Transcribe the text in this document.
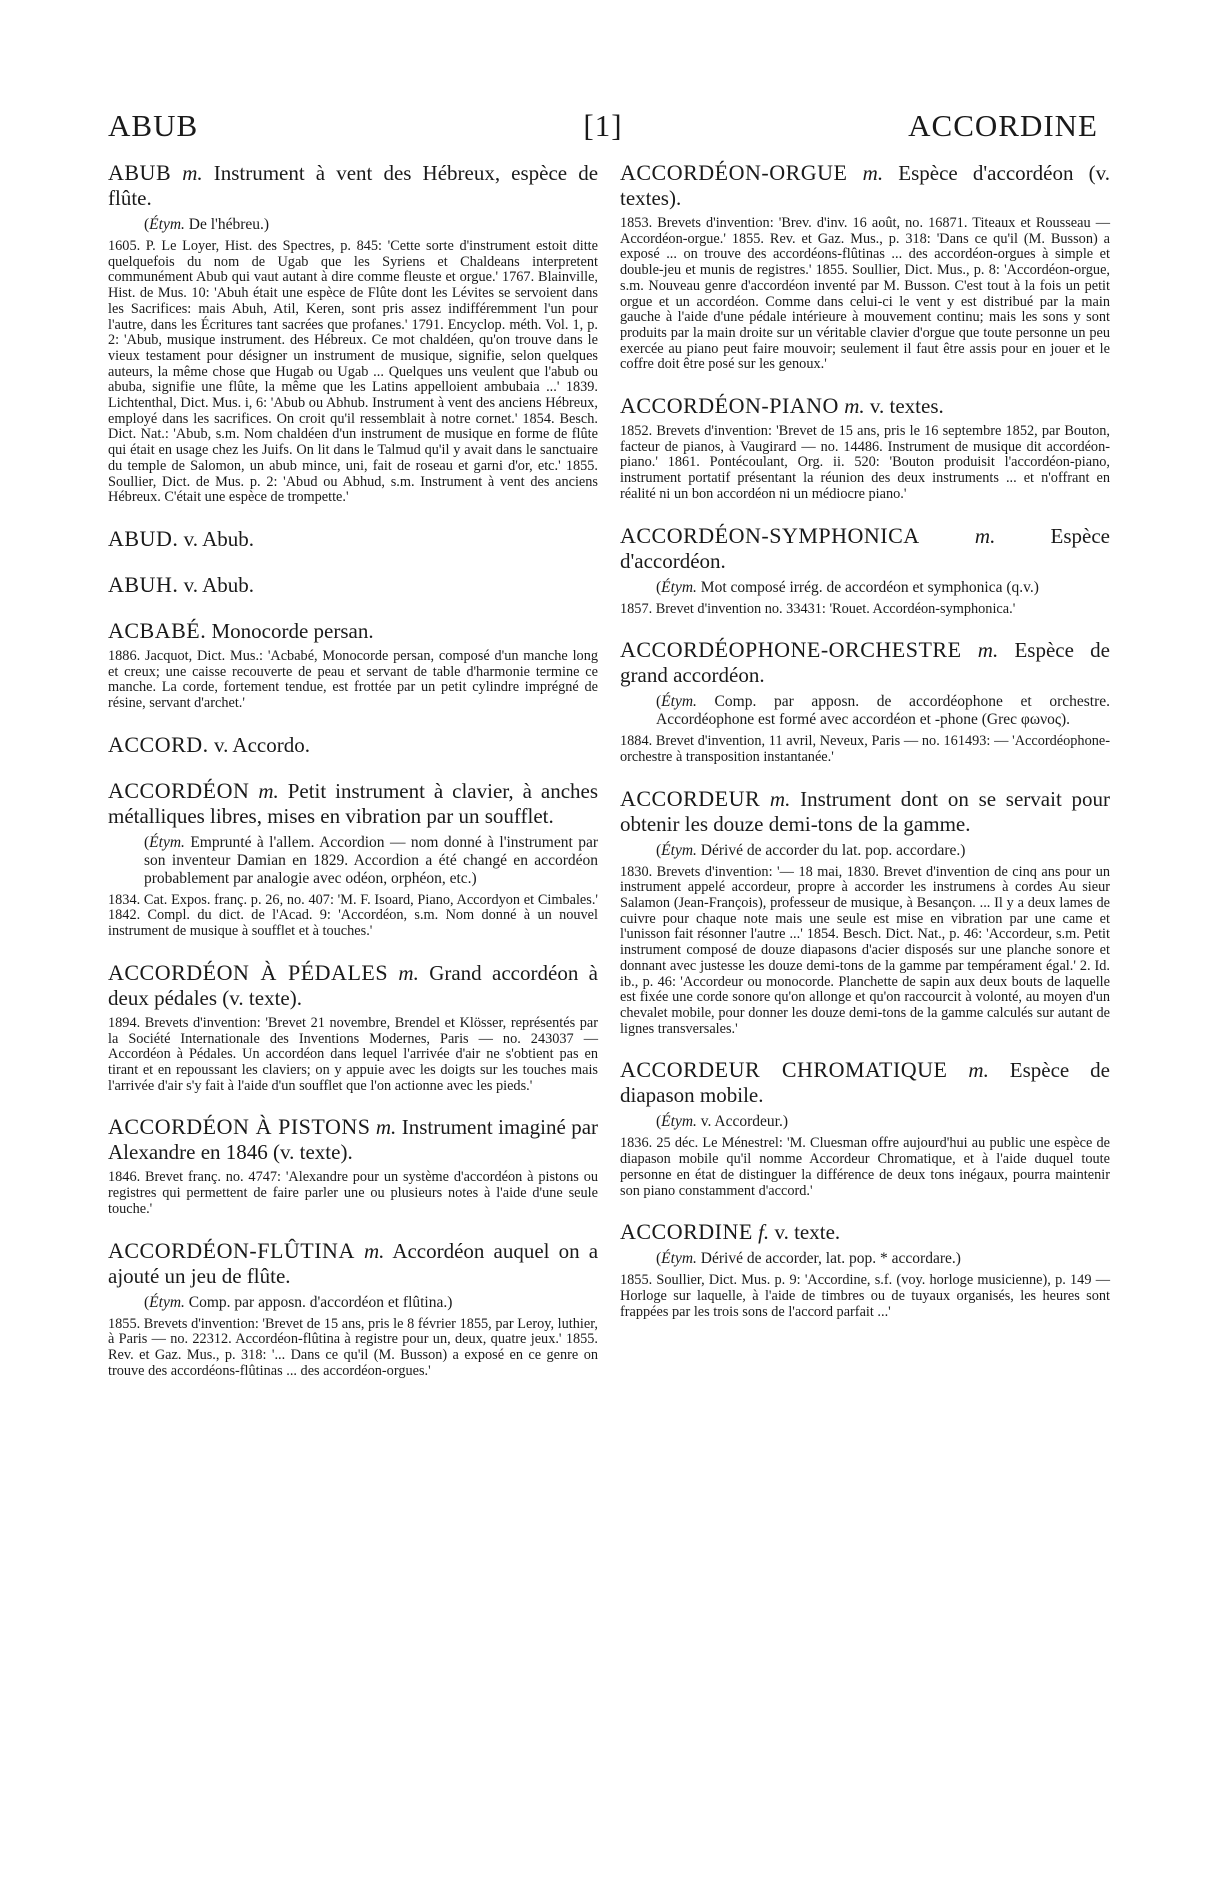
ABUB	[1]	ACCORDINE

ABUB m. Instrument à vent des Hébreux, espèce de flûte.

(Étym. De l'hébreu.)

1605. P. Le Loyer, Hist. des Spectres, p. 845: 'Cette sorte d'instrument estoit ditte quelquefois du nom de Ugab que les Syriens et Chaldeans interpretent communément Abub qui vaut autant à dire comme fleuste et orgue.' 1767. Blainville, Hist. de Mus. 10: 'Abuh était une espèce de Flûte dont les Lévites se servoient dans les Sacrifices: mais Abuh, Atil, Keren, sont pris assez indifféremment l'un pour l'autre, dans les Écritures tant sacrées que profanes.' 1791. Encyclop. méth. Vol. 1, p. 2: 'Abub, musique instrument. des Hébreux. Ce mot chaldéen, qu'on trouve dans le vieux testament pour désigner un instrument de musique, signifie, selon quelques auteurs, la même chose que Hugab ou Ugab ... Quelques uns veulent que l'abub ou abuba, signifie une flûte, la même que les Latins appelloient ambubaia ...' 1839. Lichtenthal, Dict. Mus. i, 6: 'Abub ou Abhub. Instrument à vent des anciens Hébreux, employé dans les sacrifices. On croit qu'il ressemblait à notre cornet.' 1854. Besch. Dict. Nat.: 'Abub, s.m. Nom chaldéen d'un instrument de musique en forme de flûte qui était en usage chez les Juifs. On lit dans le Talmud qu'il y avait dans le sanctuaire du temple de Salomon, un abub mince, uni, fait de roseau et garni d'or, etc.' 1855. Soullier, Dict. de Mus. p. 2: 'Abud ou Abhud, s.m. Instrument à vent des anciens Hébreux. C'était une espèce de trompette.'

ABUD. v. Abub.

ABUH. v. Abub.

ACBABÉ. Monocorde persan.

1886. Jacquot, Dict. Mus.: 'Acbabé, Monocorde persan, composé d'un manche long et creux; une caisse recouverte de peau et servant de table d'harmonie termine ce manche. La corde, fortement tendue, est frottée par un petit cylindre imprégné de résine, servant d'archet.'

ACCORD. v. Accordo.

ACCORDÉON m. Petit instrument à clavier, à anches métalliques libres, mises en vibration par un soufflet.

(Étym. Emprunté à l'allem. Accordion — nom donné à l'instrument par son inventeur Damian en 1829. Accordion a été changé en accordéon probablement par analogie avec odéon, orphéon, etc.)

1834. Cat. Expos. franç. p. 26, no. 407: 'M. F. Isoard, Piano, Accordyon et Cimbales.' 1842. Compl. du dict. de l'Acad. 9: 'Accordéon, s.m. Nom donné à un nouvel instrument de musique à soufflet et à touches.'

ACCORDÉON À PÉDALES m. Grand accordéon à deux pédales (v. texte).

1894. Brevets d'invention: 'Brevet 21 novembre, Brendel et Klösser, représentés par la Société Internationale des Inventions Modernes, Paris — no. 243037 — Accordéon à Pédales. Un accordéon dans lequel l'arrivée d'air ne s'obtient pas en tirant et en repoussant les claviers; on y appuie avec les doigts sur les touches mais l'arrivée d'air s'y fait à l'aide d'un soufflet que l'on actionne avec les pieds.'

ACCORDÉON À PISTONS m. Instrument imaginé par Alexandre en 1846 (v. texte).

1846. Brevet franç. no. 4747: 'Alexandre pour un système d'accordéon à pistons ou registres qui permettent de faire parler une ou plusieurs notes à l'aide d'une seule touche.'

ACCORDÉON-FLÛTINA m. Accordéon auquel on a ajouté un jeu de flûte.

(Étym. Comp. par apposn. d'accordéon et flûtina.)

1855. Brevets d'invention: 'Brevet de 15 ans, pris le 8 février 1855, par Leroy, luthier, à Paris — no. 22312. Accordéon-flûtina à registre pour un, deux, quatre jeux.' 1855. Rev. et Gaz. Mus., p. 318: '... Dans ce qu'il (M. Busson) a exposé en ce genre on trouve des accordéons-flûtinas ... des accordéon-orgues.'

ACCORDÉON-ORGUE m. Espèce d'accordéon (v. textes).

1853. Brevets d'invention: 'Brev. d'inv. 16 août, no. 16871. Titeaux et Rousseau — Accordéon-orgue.' 1855. Rev. et Gaz. Mus., p. 318: 'Dans ce qu'il (M. Busson) a exposé ... on trouve des accordéons-flûtinas ... des accordéon-orgues à simple et double-jeu et munis de registres.' 1855. Soullier, Dict. Mus., p. 8: 'Accordéon-orgue, s.m. Nouveau genre d'accordéon inventé par M. Busson. C'est tout à la fois un petit orgue et un accordéon. Comme dans celui-ci le vent y est distribué par la main gauche à l'aide d'une pédale intérieure à mouvement continu; mais les sons y sont produits par la main droite sur un véritable clavier d'orgue que toute personne un peu exercée au piano peut faire mouvoir; seulement il faut être assis pour en jouer et le coffre doit être posé sur les genoux.'

ACCORDÉON-PIANO m. v. textes.

1852. Brevets d'invention: 'Brevet de 15 ans, pris le 16 septembre 1852, par Bouton, facteur de pianos, à Vaugirard — no. 14486. Instrument de musique dit accordéon-piano.' 1861. Pontécoulant, Org. ii. 520: 'Bouton produisit l'accordéon-piano, instrument portatif présentant la réunion des deux instruments ... et n'offrant en réalité ni un bon accordéon ni un médiocre piano.'

ACCORDÉON-SYMPHONICA	m.	Espèce d'accordéon.

(Étym. Mot composé irrég. de accordéon et symphonica (q.v.)

1857. Brevet d'invention no. 33431: 'Rouet. Accordéon-symphonica.'

ACCORDÉOPHONE-ORCHESTRE m. Espèce de grand accordéon.

(Étym. Comp. par apposn. de accordéophone et orchestre. Accordéophone est formé avec accordéon et -phone (Grec φωνος).

1884. Brevet d'invention, 11 avril, Neveux, Paris — no. 161493: — 'Accordéophone-orchestre à transposition instantanée.'

ACCORDEUR m. Instrument dont on se servait pour obtenir les douze demi-tons de la gamme.

(Étym. Dérivé de accorder du lat. pop. accordare.)

1830. Brevets d'invention: '— 18 mai, 1830. Brevet d'invention de cinq ans pour un instrument appelé accordeur, propre à accorder les instrumens à cordes Au sieur Salamon (Jean-François), professeur de musique, à Besançon. ... Il y a deux lames de cuivre pour chaque note mais une seule est mise en vibration par une came et l'unisson fait résonner l'autre ...' 1854. Besch. Dict. Nat., p. 46: 'Accordeur, s.m. Petit instrument composé de douze diapasons d'acier disposés sur une planche sonore et donnant avec justesse les douze demi-tons de la gamme par tempérament égal.' 2. Id. ib., p. 46: 'Accordeur ou monocorde. Planchette de sapin aux deux bouts de laquelle est fixée une corde sonore qu'on allonge et qu'on raccourcit à volonté, au moyen d'un chevalet mobile, pour donner les douze demi-tons de la gamme calculés sur autant de lignes transversales.'

ACCORDEUR CHROMATIQUE m. Espèce de diapason mobile.

(Étym. v. Accordeur.)

1836. 25 déc. Le Ménestrel: 'M. Cluesman offre aujourd'hui au public une espèce de diapason mobile qu'il nomme Accordeur Chromatique, et à l'aide duquel toute personne en état de distinguer la différence de deux tons inégaux, pourra maintenir son piano constamment d'accord.'

ACCORDINE f. v. texte.

(Étym. Dérivé de accorder, lat. pop. * accordare.)

1855. Soullier, Dict. Mus. p. 9: 'Accordine, s.f. (voy. horloge musicienne), p. 149 — Horloge sur laquelle, à l'aide de timbres ou de tuyaux organisés, les heures sont frappées par les trois sons de l'accord parfait ...'
